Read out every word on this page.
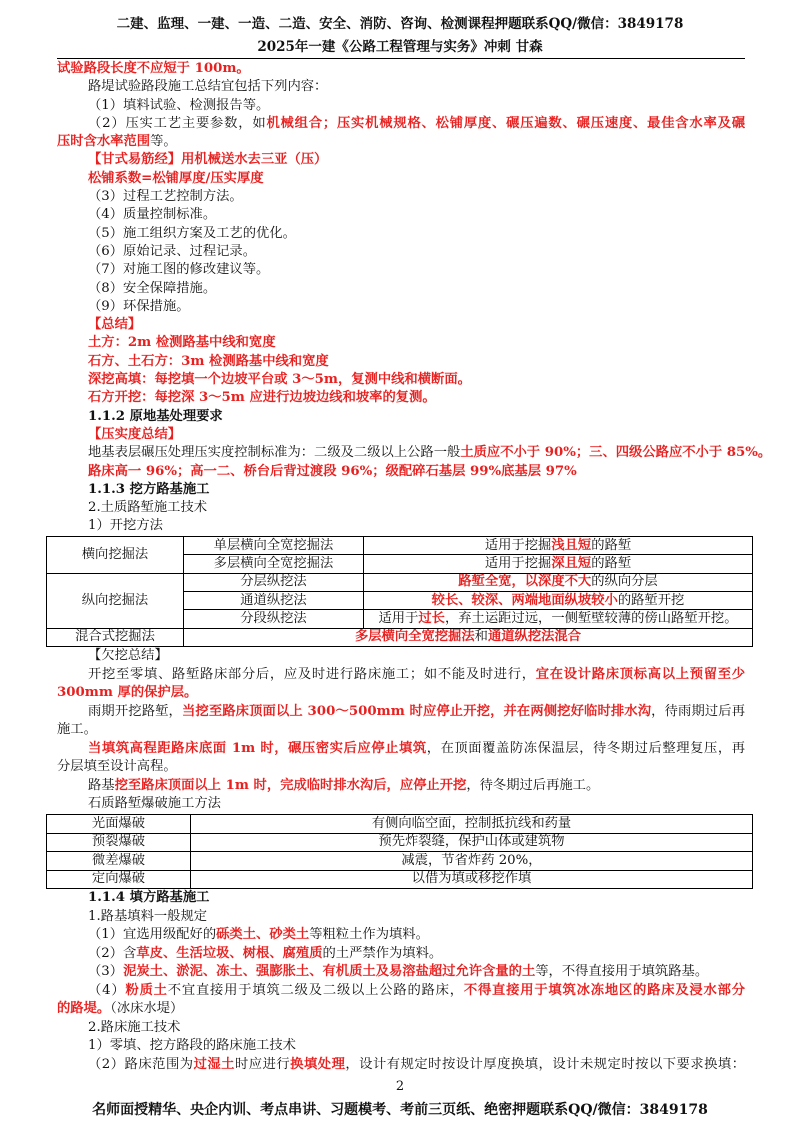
二建、监理、一建、一造、二造、安全、消防、咨询、检测课程押题联系QQ/微信：3849178
2025年一建《公路工程管理与实务》冲刺 甘森
试验路段长度不应短于 100m。
路堤试验路段施工总结宜包括下列内容：
（1）填料试验、检测报告等。
（2）压实工艺主要参数，如机械组合；压实机械规格、松铺厚度、碾压遍数、碾压速度、最佳含水率及碾
压时含水率范围等。
【甘式易筋经】用机械送水去三亚（压）
松铺系数=松铺厚度/压实厚度
（3）过程工艺控制方法。
（4）质量控制标准。
（5）施工组织方案及工艺的优化。
（6）原始记录、过程记录。
（7）对施工图的修改建议等。
（8）安全保障措施。
（9）环保措施。
【总结】
土方：2m 检测路基中线和宽度
石方、土石方：3m 检测路基中线和宽度
深挖高填：每挖填一个边坡平台或 3～5m，复测中线和横断面。
石方开挖：每挖深 3～5m 应进行边坡边线和坡率的复测。
1.1.2 原地基处理要求
【压实度总结】
地基表层碾压处理压实度控制标准为：二级及二级以上公路一般土质应不小于 90%；三、四级公路应不小于 85%。
路床高一 96%；高一二、桥台后背过渡段 96%；级配碎石基层 99%底基层 97%
1.1.3 挖方路基施工
2.土质路堑施工技术
1）开挖方法
横向挖掘法	单层横向全宽挖掘法	适用于挖掘浅且短的路堑
	多层横向全宽挖掘法	适用于挖掘深且短的路堑
纵向挖掘法	分层纵挖法	路堑全宽，以深度不大的纵向分层
	通道纵挖法	较长、较深、两端地面纵坡较小的路堑开挖
	分段纵挖法	适用于过长，弃土运距过远，一侧堑壁较薄的傍山路堑开挖。
混合式挖掘法	多层横向全宽挖掘法和通道纵挖法混合	
【欠挖总结】
开挖至零填、路堑路床部分后，应及时进行路床施工；如不能及时进行，宜在设计路床顶标高以上预留至少
300mm 厚的保护层。
雨期开挖路堑，当挖至路床顶面以上 300～500mm 时应停止开挖，并在两侧挖好临时排水沟，待雨期过后再
施工。
当填筑高程距路床底面 1m 时，碾压密实后应停止填筑，在顶面覆盖防冻保温层，待冬期过后整理复压，再
分层填至设计高程。
路基挖至路床顶面以上 1m 时，完成临时排水沟后，应停止开挖，待冬期过后再施工。
石质路堑爆破施工方法
光面爆破	有侧向临空面，控制抵抗线和药量
预裂爆破	预先炸裂缝，保护山体或建筑物
微差爆破	减震，节省炸药 20%，
定向爆破	以借为填或移挖作填
1.1.4 填方路基施工
1.路基填料一般规定
（1）宜选用级配好的砾类土、砂类土等粗粒土作为填料。
（2）含草皮、生活垃圾、树根、腐殖质的土严禁作为填料。
（3）泥炭土、淤泥、冻土、强膨胀土、有机质土及易溶盐超过允许含量的土等，不得直接用于填筑路基。
（4）粉质土不宜直接用于填筑二级及二级以上公路的路床，不得直接用于填筑冰冻地区的路床及浸水部分
的路堤。（冰床水堤）
2.路床施工技术
1）零填、挖方路段的路床施工技术
（2）路床范围为过湿土时应进行换填处理，设计有规定时按设计厚度换填，设计未规定时按以下要求换填：
2
名师面授精华、央企内训、考点串讲、习题模考、考前三页纸、绝密押题联系QQ/微信：3849178
